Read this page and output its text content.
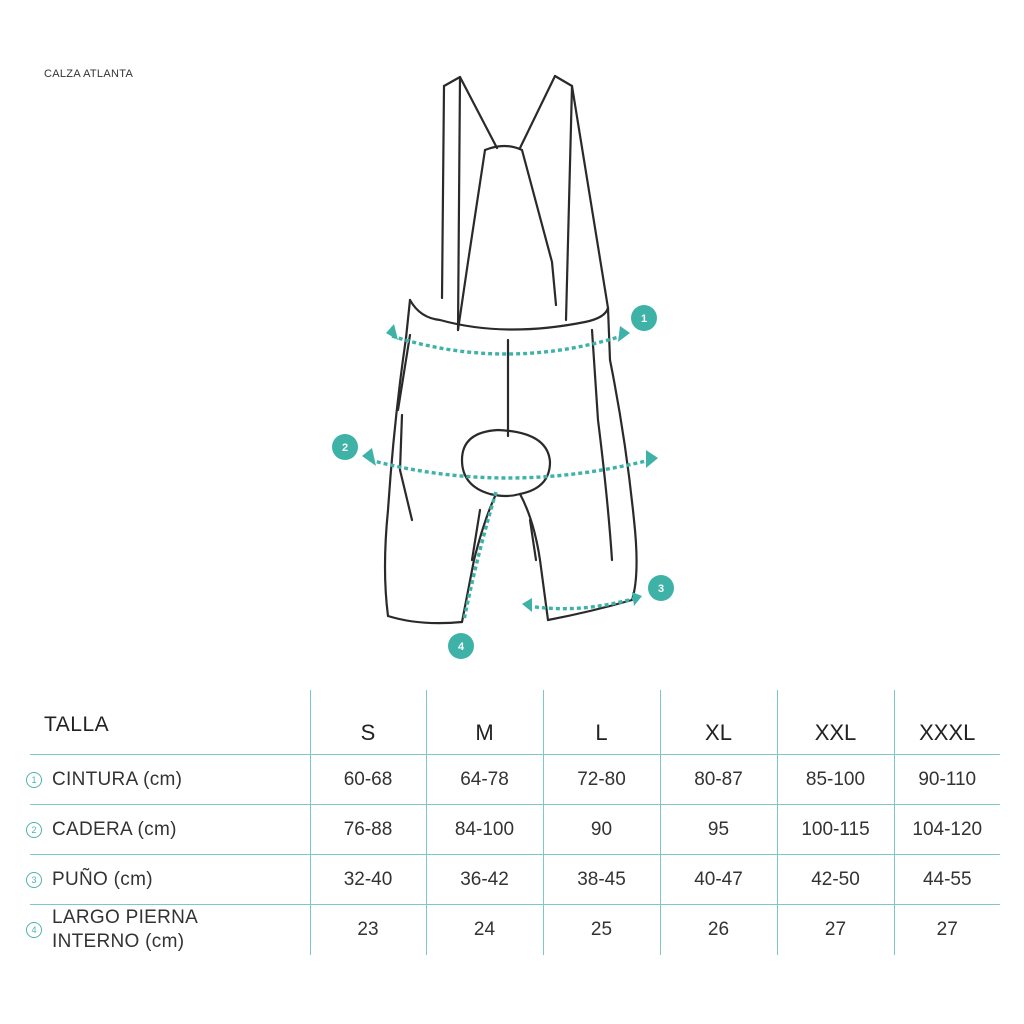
CALZA ATLANTA
1
2
3
4
TALLA	S	M	L	XL	XXL	XXXL

1 CINTURA (cm)	60-68	64-78	72-80	80-87	85-100	90-110

2 CADERA (cm)	76-88	84-100	90	95	100-115	104-120

3 PUÑO (cm)	32-40	36-42	38-45	40-47	42-50	44-55

4
LARGO PIERNA
INTERNO (cm)	23	24	25	26	27	27
